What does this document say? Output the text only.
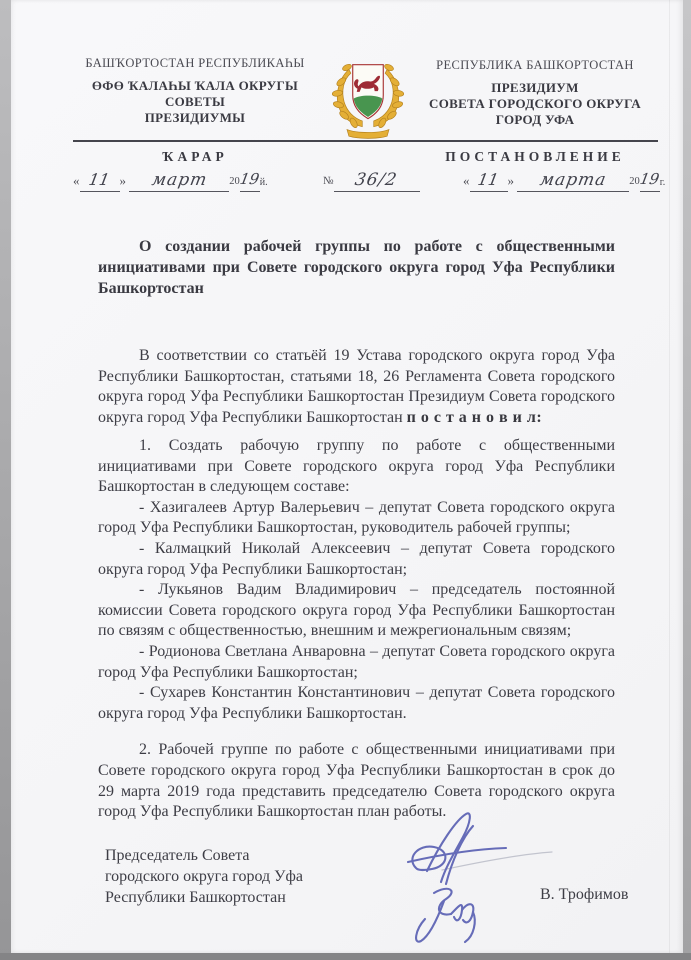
БАШҠОРТОСТАН РЕСПУБЛИКАҺЫ
ӨФӨ ҠАЛАҺЫ ҠАЛА ОКРУГЫ
СОВЕТЫ
ПРЕЗИДИУМЫ
РЕСПУБЛИКА БАШКОРТОСТАН
ПРЕЗИДИУМ
СОВЕТА ГОРОДСКОГО ОКРУГА
ГОРОД УФА
ҠАРАР	ПОСТАНОВЛЕНИЕ
« 11 » март 2019й.	№ 36/2	« 11 » марта 2019г.
О создании рабочей группы по работе с общественными инициативами при Совете городского округа город Уфа Республики Башкортостан

В соответствии со статьёй 19 Устава городского округа город Уфа Республики Башкортостан, статьями 18, 26 Регламента Совета городского округа город Уфа Республики Башкортостан Президиум Совета городского округа город Уфа Республики Башкортостан п о с т а н о в и л:

1. Создать рабочую группу по работе с общественными инициативами при Совете городского округа город Уфа Республики Башкортостан в следующем составе:

- Хазигалеев Артур Валерьевич – депутат Совета городского округа город Уфа Республики Башкортостан, руководитель рабочей группы;

- Калмацкий Николай Алексеевич – депутат Совета городского округа город Уфа Республики Башкортостан;

- Лукьянов Вадим Владимирович – председатель постоянной комиссии Совета городского округа город Уфа Республики Башкортостан по связям с общественностью, внешним и межрегиональным связям;

- Родионова Светлана Анваровна – депутат Совета городского округа город Уфа Республики Башкортостан;

- Сухарев Константин Константинович – депутат Совета городского округа город Уфа Республики Башкортостан.

2. Рабочей группе по работе с общественными инициативами при Совете городского округа город Уфа Республики Башкортостан в срок до 29 марта 2019 года представить председателю Совета городского округа город Уфа Республики Башкортостан план работы.

Председатель Совета
городского округа город Уфа
Республики Башкортостан	В. Трофимов
